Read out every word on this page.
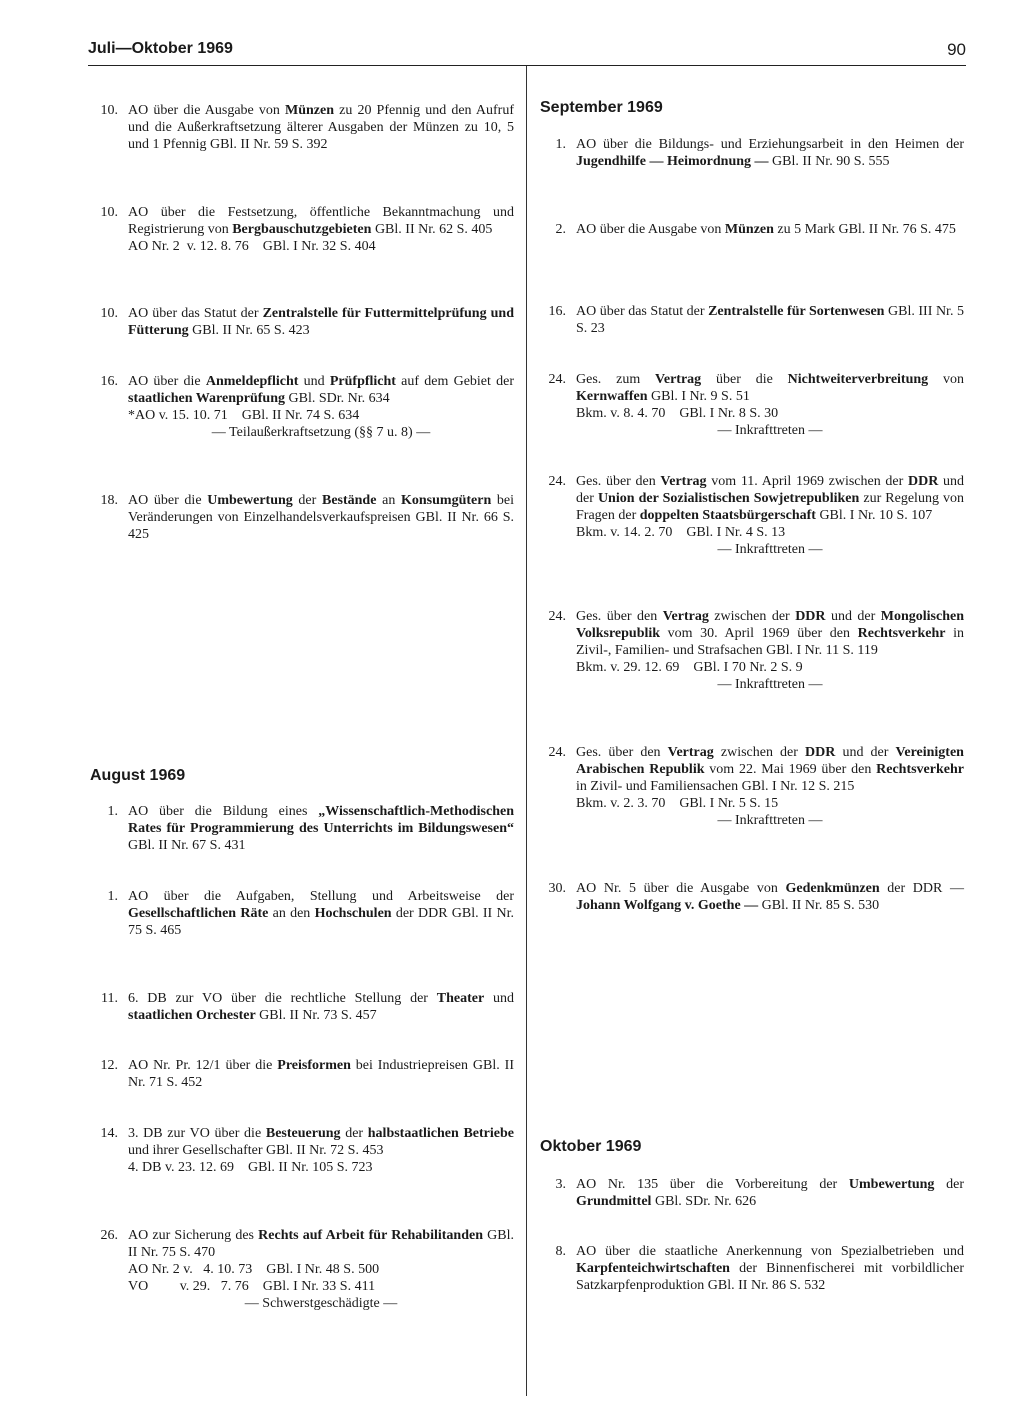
Juli—Oktober 1969	90
10. AO über die Ausgabe von Münzen zu 20 Pfennig und den Aufruf und die Außerkraftsetzung älterer Ausgaben der Münzen zu 10, 5 und 1 Pfennig GBl. II Nr. 59 S. 392
10. AO über die Festsetzung, öffentliche Bekanntmachung und Registrierung von Bergbauschutzgebieten GBl. II Nr. 62 S. 405
AO Nr. 2  v. 12. 8. 76    GBl. I Nr. 32 S. 404
10. AO über das Statut der Zentralstelle für Futtermittelprüfung und Fütterung GBl. II Nr. 65 S. 423
16. AO über die Anmeldepflicht und Prüfpflicht auf dem Gebiet der staatlichen Warenprüfung GBl. SDr. Nr. 634
*AO v. 15. 10. 71    GBl. II Nr. 74 S. 634
— Teilaußerkraftsetzung (§§ 7 u. 8) —
18. AO über die Umbewertung der Bestände an Konsumgütern bei Veränderungen von Einzelhandelsverkaufspreisen GBl. II Nr. 66 S. 425
August 1969
1. AO über die Bildung eines „Wissenschaftlich-Methodischen Rates für Programmierung des Unterrichts im Bildungswesen“ GBl. II Nr. 67 S. 431
1. AO über die Aufgaben, Stellung und Arbeitsweise der Gesellschaftlichen Räte an den Hochschulen der DDR GBl. II Nr. 75 S. 465
11. 6. DB zur VO über die rechtliche Stellung der Theater und staatlichen Orchester GBl. II Nr. 73 S. 457
12. AO Nr. Pr. 12/1 über die Preisformen bei Industriepreisen GBl. II Nr. 71 S. 452
14. 3. DB zur VO über die Besteuerung der halbstaatlichen Betriebe und ihrer Gesellschafter GBl. II Nr. 72 S. 453
4. DB v. 23. 12. 69    GBl. II Nr. 105 S. 723
26. AO zur Sicherung des Rechts auf Arbeit für Rehabilitanden GBl. II Nr. 75 S. 470
AO Nr. 2 v.   4. 10. 73    GBl. I Nr. 48 S. 500
VO         v. 29.   7. 76    GBl. I Nr. 33 S. 411
— Schwerstgeschädigte —
September 1969
1. AO über die Bildungs- und Erziehungsarbeit in den Heimen der Jugendhilfe — Heimordnung — GBl. II Nr. 90 S. 555
2. AO über die Ausgabe von Münzen zu 5 Mark GBl. II Nr. 76 S. 475
16. AO über das Statut der Zentralstelle für Sortenwesen GBl. III Nr. 5 S. 23
24. Ges. zum Vertrag über die Nichtweiterverbreitung von Kernwaffen GBl. I Nr. 9 S. 51
Bkm. v. 8. 4. 70    GBl. I Nr. 8 S. 30
— Inkrafttreten —
24. Ges. über den Vertrag vom 11. April 1969 zwischen der DDR und der Union der Sozialistischen Sowjetrepubliken zur Regelung von Fragen der doppelten Staatsbürgerschaft GBl. I Nr. 10 S. 107
Bkm. v. 14. 2. 70    GBl. I Nr. 4 S. 13
— Inkrafttreten —
24. Ges. über den Vertrag zwischen der DDR und der Mongolischen Volksrepublik vom 30. April 1969 über den Rechtsverkehr in Zivil-, Familien- und Strafsachen GBl. I Nr. 11 S. 119
Bkm. v. 29. 12. 69    GBl. I 70 Nr. 2 S. 9
— Inkrafttreten —
24. Ges. über den Vertrag zwischen der DDR und der Vereinigten Arabischen Republik vom 22. Mai 1969 über den Rechtsverkehr in Zivil- und Familiensachen GBl. I Nr. 12 S. 215
Bkm. v. 2. 3. 70    GBl. I Nr. 5 S. 15
— Inkrafttreten —
30. AO Nr. 5 über die Ausgabe von Gedenkmünzen der DDR — Johann Wolfgang v. Goethe — GBl. II Nr. 85 S. 530
Oktober 1969
3. AO Nr. 135 über die Vorbereitung der Umbewertung der Grundmittel GBl. SDr. Nr. 626
8. AO über die staatliche Anerkennung von Spezialbetrieben und Karpfenteichwirtschaften der Binnenfischerei mit vorbildlicher Satzkarpfenproduktion GBl. II Nr. 86 S. 532
